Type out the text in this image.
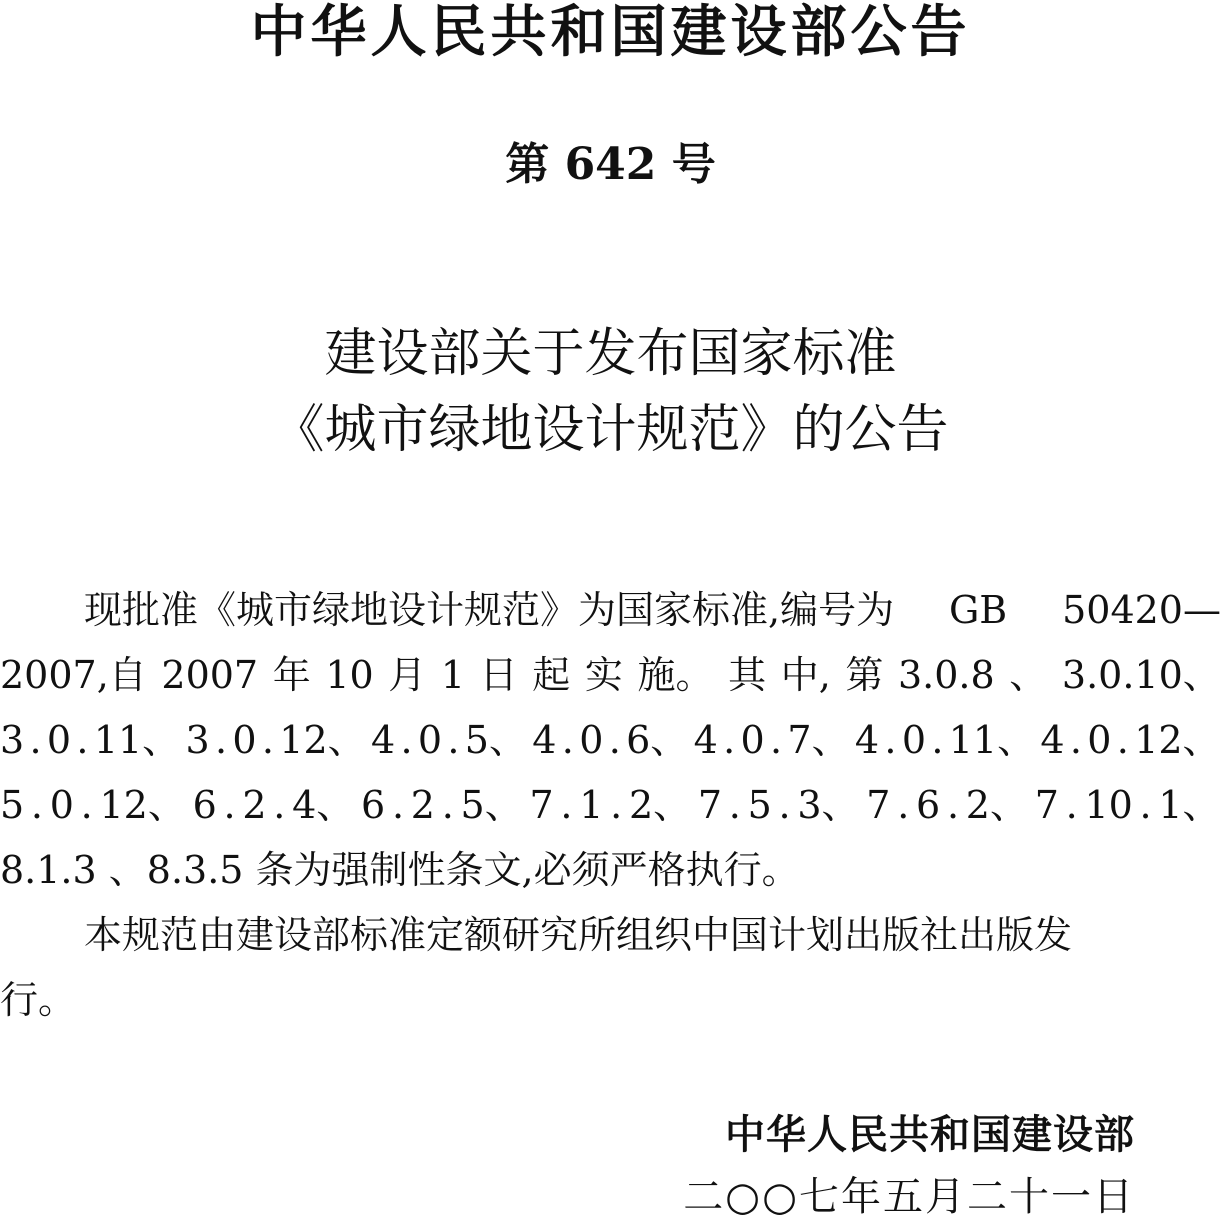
中华人民共和国建设部公告
第 642 号
建设部关于发布国家标准
《城市绿地设计规范》的公告
现批准《城市绿地设计规范》为国家标准,编号为 GB 50420—
2007,自 2007 年 10 月 1 日 起 实 施。 其 中, 第 3.0.8 、 3.0.10、
3 . 0 . 11、 3 . 0 . 12、 4 . 0 . 5、 4 . 0 . 6、 4 . 0 . 7、 4 . 0 . 11、 4 . 0 . 12、
5 . 0 . 12、 6 . 2 . 4、 6 . 2 . 5、 7 . 1 . 2、 7 . 5 . 3、 7 . 6 . 2、 7 . 10 . 1、
8.1.3 、8.3.5 条为强制性条文,必须严格执行。
本规范由建设部标准定额研究所组织中国计划出版社出版发
行。
中华人民共和国建设部
二○○七年五月二十一日
